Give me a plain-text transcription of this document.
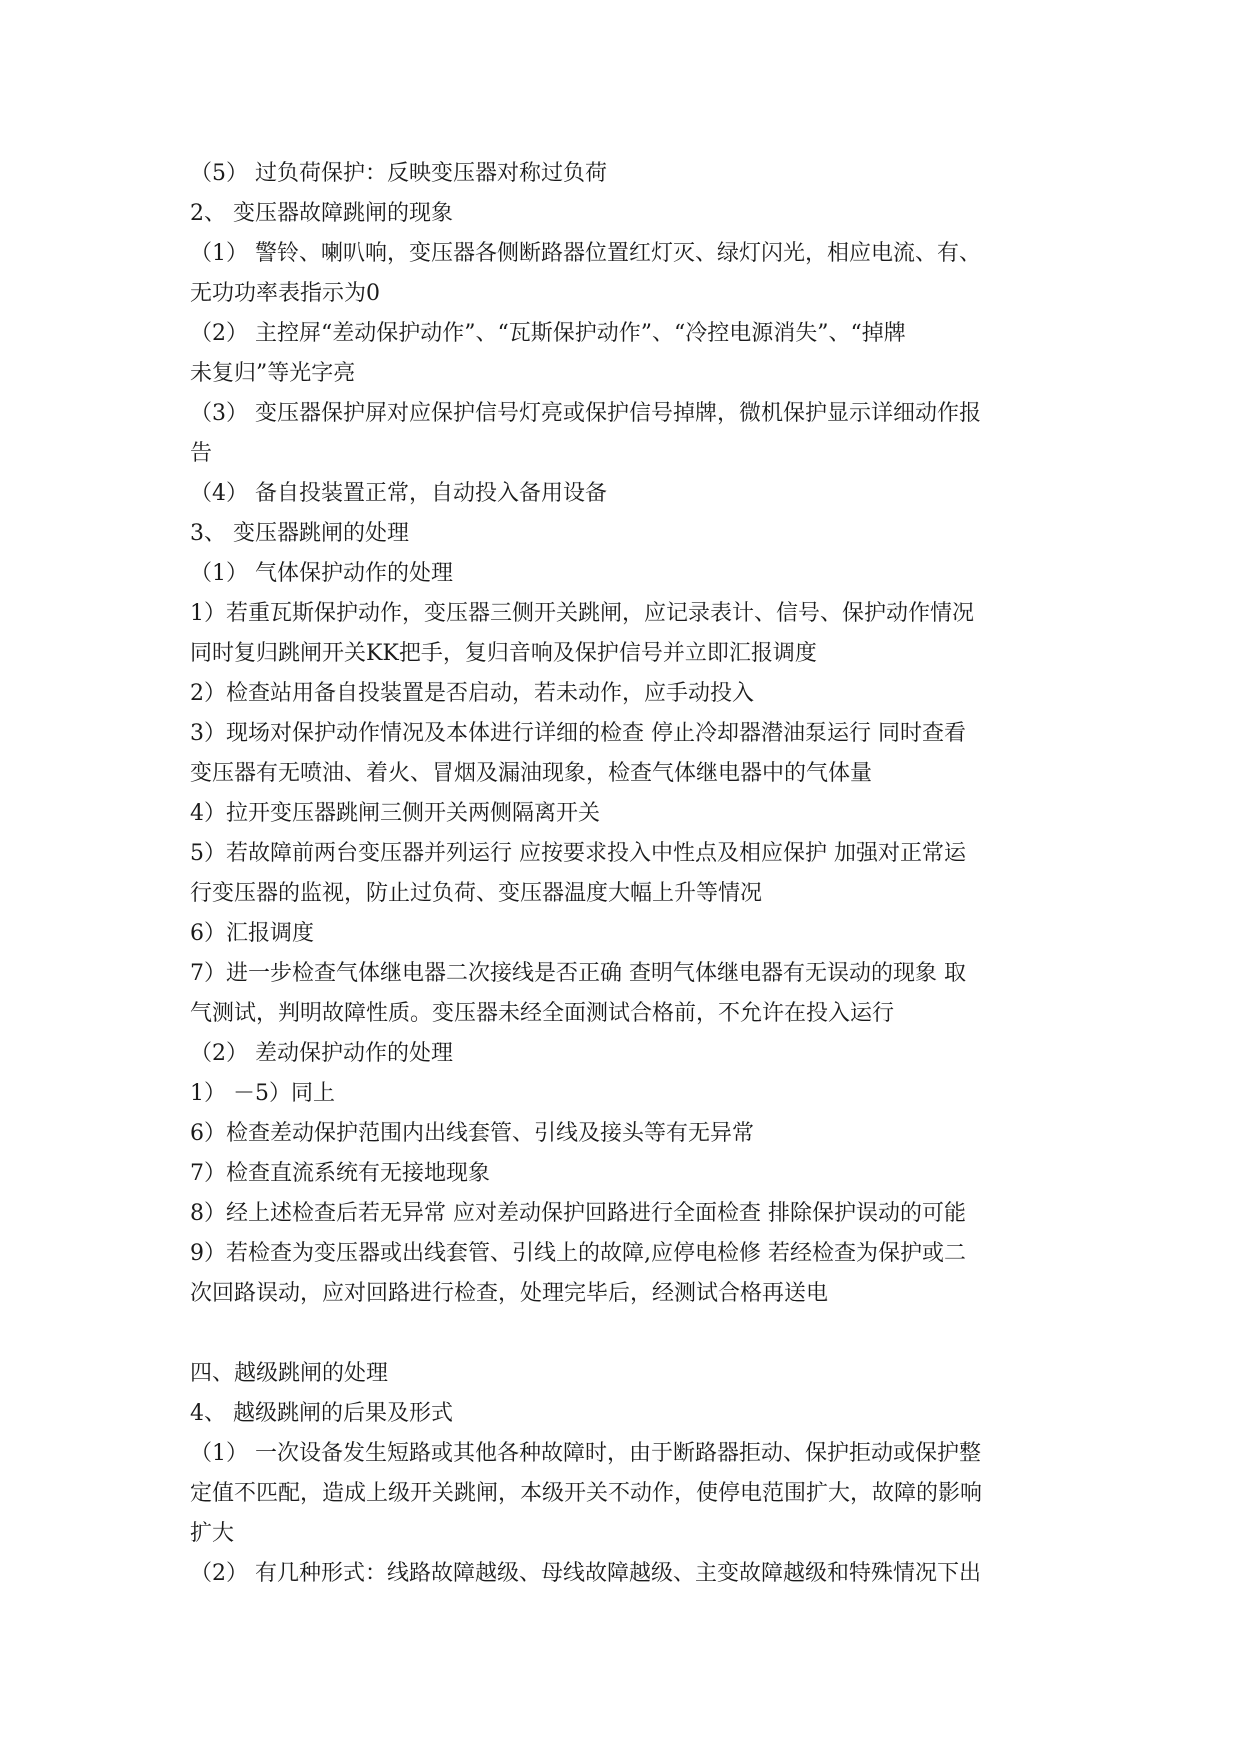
（5） 过负荷保护：反映变压器对称过负荷
2、 变压器故障跳闸的现象
（1） 警铃、喇叭响，变压器各侧断路器位置红灯灭、绿灯闪光，相应电流、有、
无功功率表指示为0
（2） 主控屏“差动保护动作”、“瓦斯保护动作”、“冷控电源消失”、“掉牌
未复归”等光字亮
（3） 变压器保护屏对应保护信号灯亮或保护信号掉牌，微机保护显示详细动作报
告
（4） 备自投装置正常，自动投入备用设备
3、 变压器跳闸的处理
（1） 气体保护动作的处理
1）若重瓦斯保护动作，变压器三侧开关跳闸，应记录表计、信号、保护动作情况
同时复归跳闸开关KK把手，复归音响及保护信号并立即汇报调度
2）检查站用备自投装置是否启动，若未动作，应手动投入
3）现场对保护动作情况及本体进行详细的检查 停止冷却器潜油泵运行 同时查看
变压器有无喷油、着火、冒烟及漏油现象，检查气体继电器中的气体量
4）拉开变压器跳闸三侧开关两侧隔离开关
5）若故障前两台变压器并列运行 应按要求投入中性点及相应保护 加强对正常运
行变压器的监视，防止过负荷、变压器温度大幅上升等情况
6）汇报调度
7）进一步检查气体继电器二次接线是否正确 查明气体继电器有无误动的现象 取
气测试，判明故障性质。变压器未经全面测试合格前，不允许在投入运行
（2） 差动保护动作的处理
1） －5）同上
6）检查差动保护范围内出线套管、引线及接头等有无异常
7）检查直流系统有无接地现象
8）经上述检查后若无异常 应对差动保护回路进行全面检查 排除保护误动的可能
9）若检查为变压器或出线套管、引线上的故障,应停电检修 若经检查为保护或二
次回路误动，应对回路进行检查，处理完毕后，经测试合格再送电
四、越级跳闸的处理
4、 越级跳闸的后果及形式
（1） 一次设备发生短路或其他各种故障时，由于断路器拒动、保护拒动或保护整
定值不匹配，造成上级开关跳闸，本级开关不动作，使停电范围扩大，故障的影响
扩大
（2） 有几种形式：线路故障越级、母线故障越级、主变故障越级和特殊情况下出
